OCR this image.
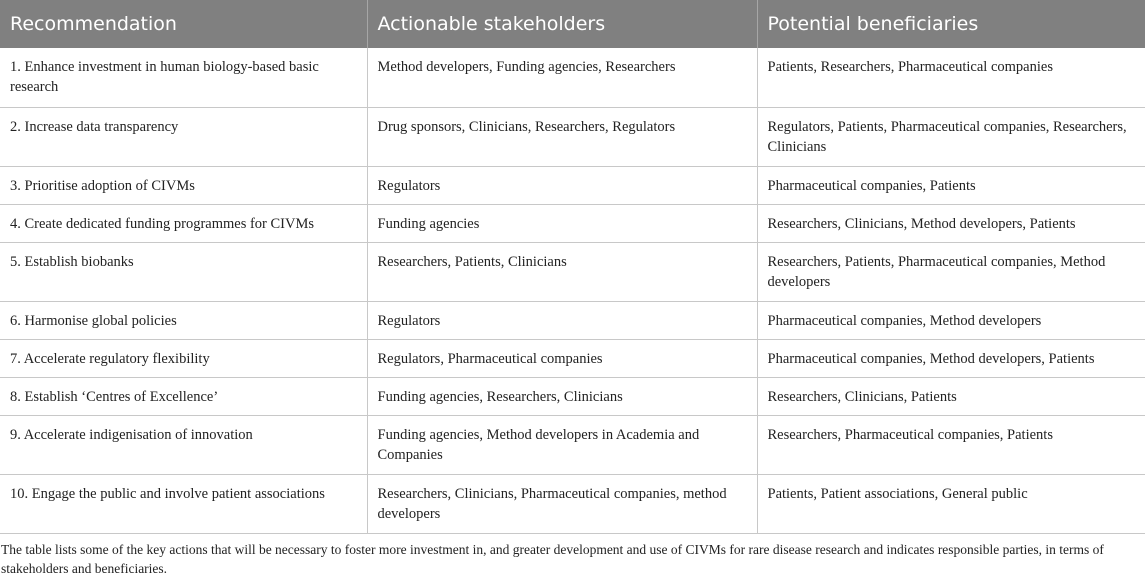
Recommendation	Actionable stakeholders	Potential beneficiaries
1. Enhance investment in human biology-based basic research	Method developers, Funding agencies, Researchers	Patients, Researchers, Pharmaceutical companies
2. Increase data transparency	Drug sponsors, Clinicians, Researchers, Regulators	Regulators, Patients, Pharmaceutical companies, Researchers, Clinicians
3. Prioritise adoption of CIVMs	Regulators	Pharmaceutical companies, Patients
4. Create dedicated funding programmes for CIVMs	Funding agencies	Researchers, Clinicians, Method developers, Patients
5. Establish biobanks	Researchers, Patients, Clinicians	Researchers, Patients, Pharmaceutical companies, Method developers
6. Harmonise global policies	Regulators	Pharmaceutical companies, Method developers
7. Accelerate regulatory flexibility	Regulators, Pharmaceutical companies	Pharmaceutical companies, Method developers, Patients
8. Establish ‘Centres of Excellence’	Funding agencies, Researchers, Clinicians	Researchers, Clinicians, Patients
9. Accelerate indigenisation of innovation	Funding agencies, Method developers in Academia and Companies	Researchers, Pharmaceutical companies, Patients
10. Engage the public and involve patient associations	Researchers, Clinicians, Pharmaceutical companies, method developers	Patients, Patient associations, General public
The table lists some of the key actions that will be necessary to foster more investment in, and greater development and use of CIVMs for rare disease research and indicates responsible parties, in terms of stakeholders and beneficiaries.
